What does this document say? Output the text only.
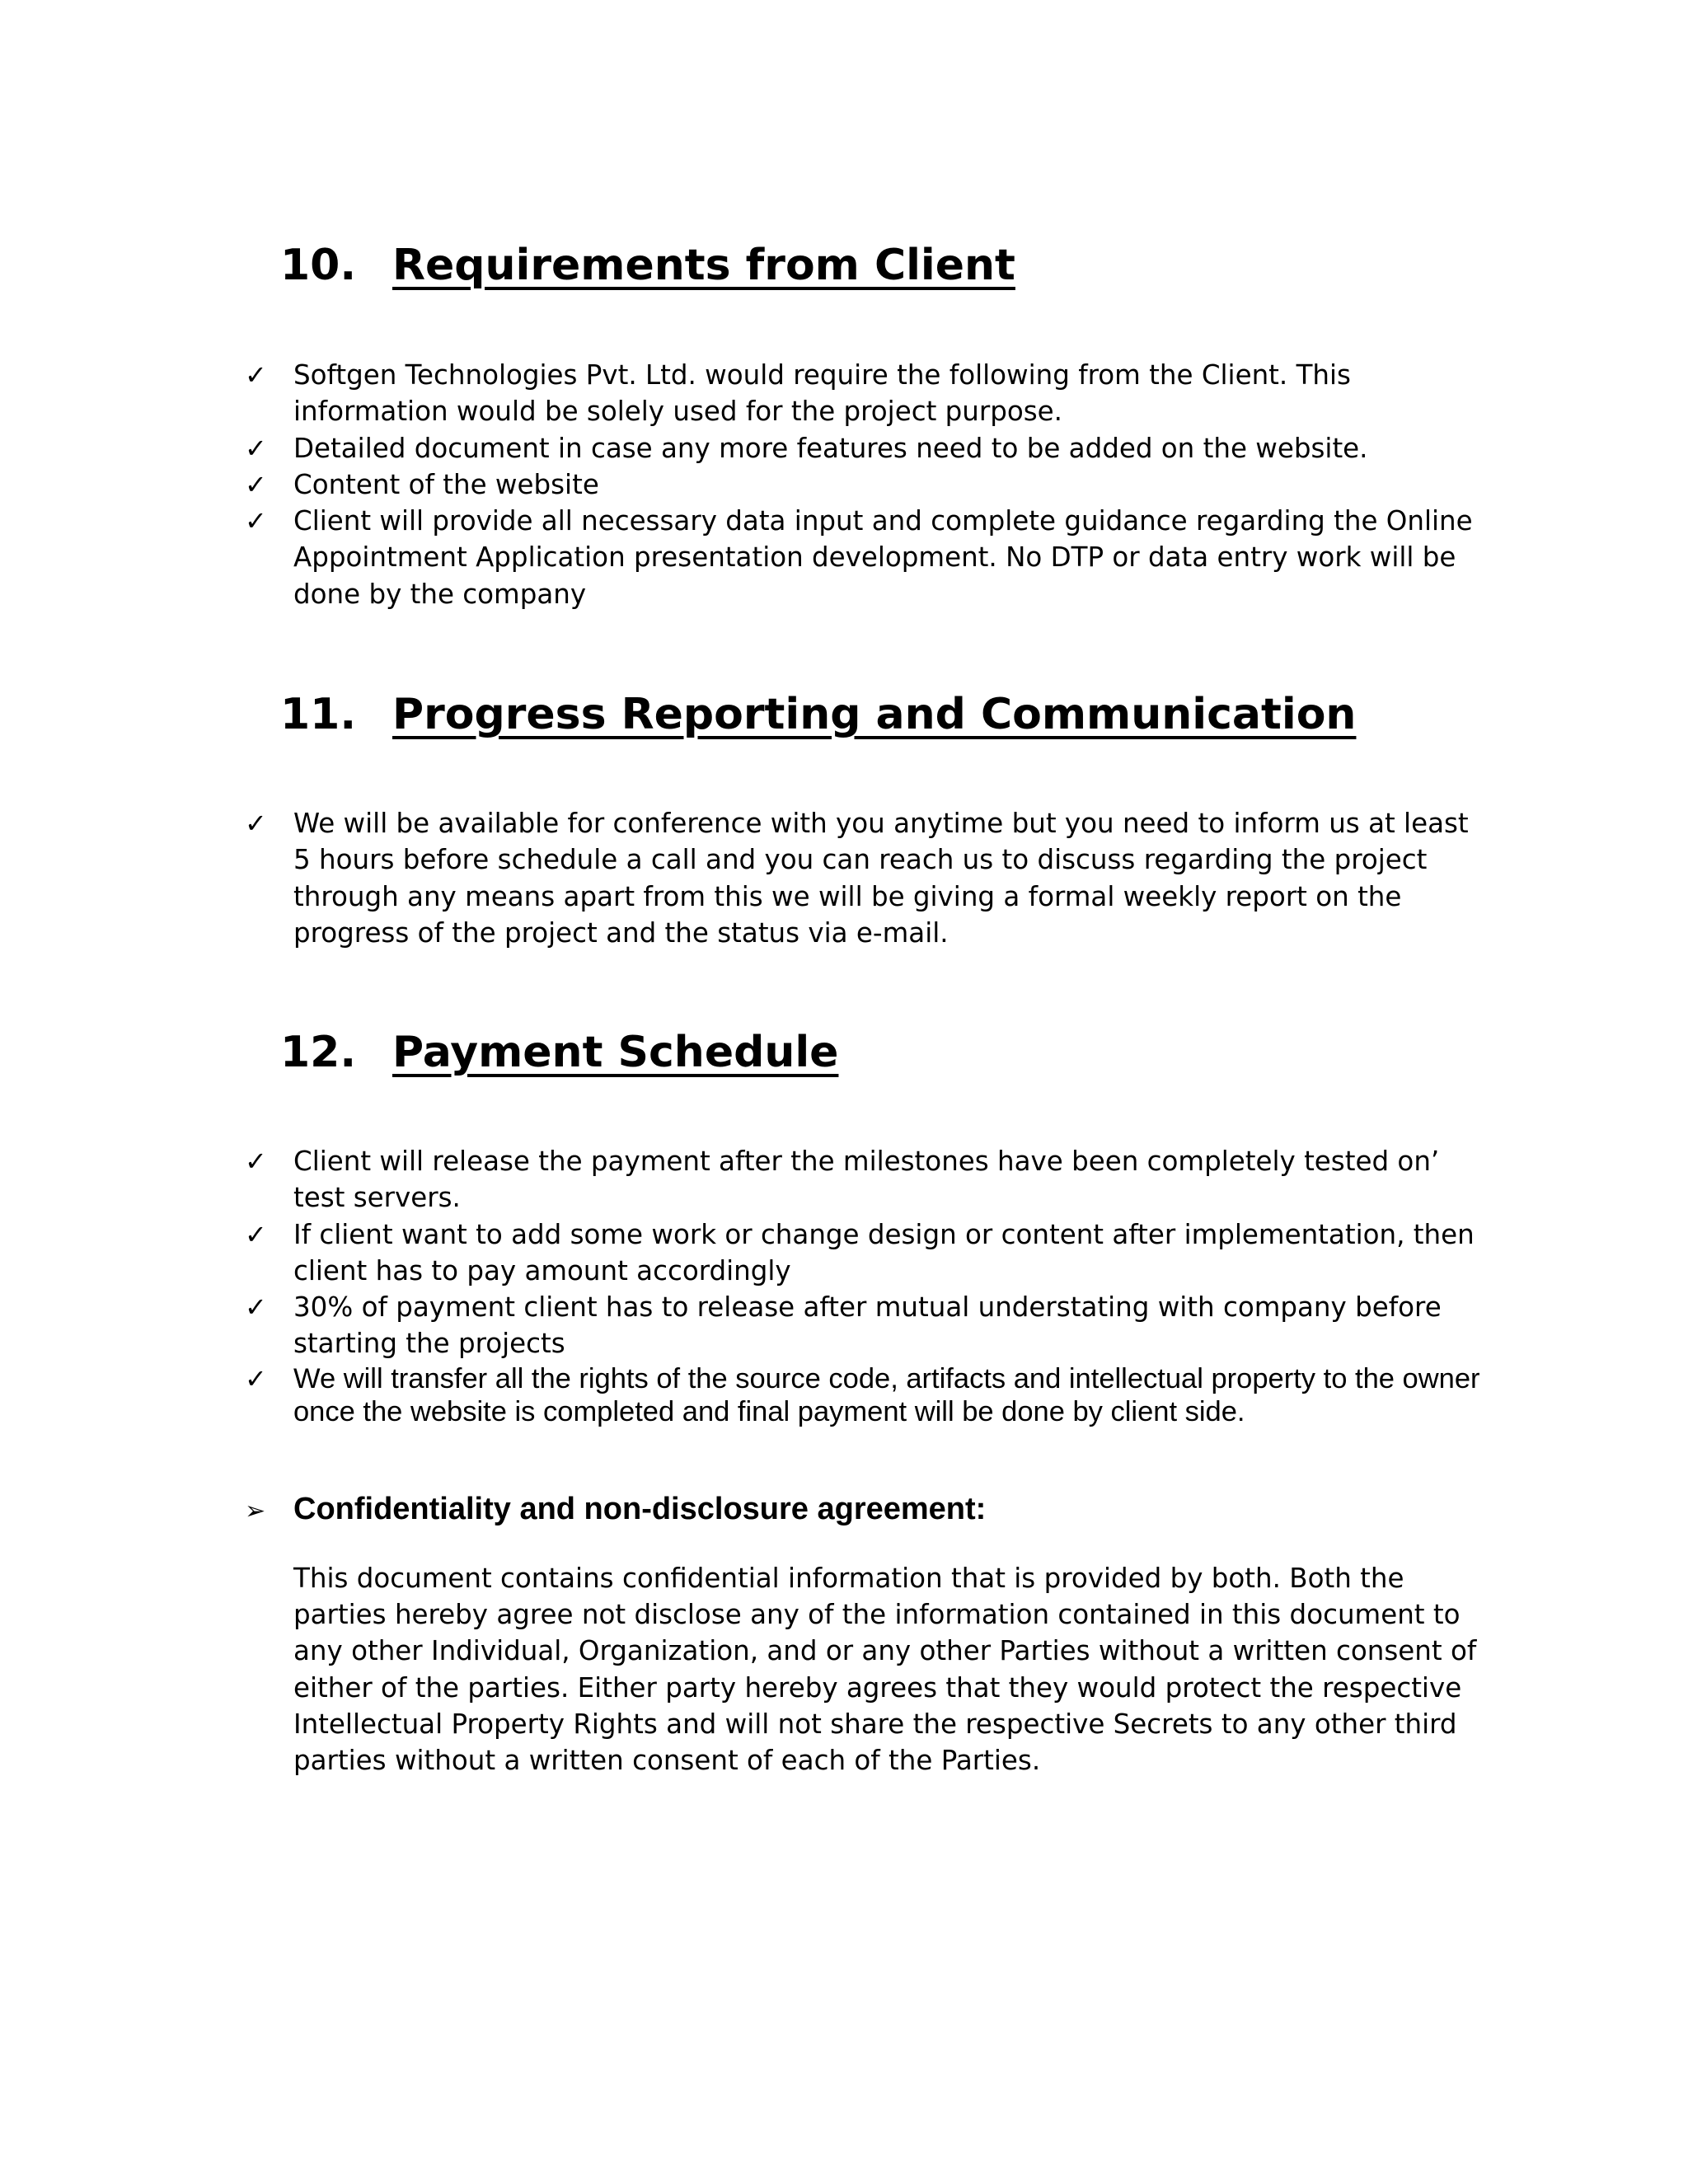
10. Requirements from Client
✓ Softgen Technologies Pvt. Ltd. would require the following from the Client. This information would be solely used for the project purpose.
✓ Detailed document in case any more features need to be added on the website.
✓ Content of the website
✓ Client will provide all necessary data input and complete guidance regarding the Online Appointment Application presentation development. No DTP or data entry work will be done by the company
11. Progress Reporting and Communication
✓ We will be available for conference with you anytime but you need to inform us at least 5 hours before schedule a call and you can reach us to discuss regarding the project through any means apart from this we will be giving a formal weekly report on the progress of the project and the status via e-mail.
12. Payment Schedule
✓ Client will release the payment after the milestones have been completely tested on’ test servers.
✓ If client want to add some work or change design or content after implementation, then client has to pay amount accordingly
✓ 30% of payment client has to release after mutual understating with company before starting the projects
✓ We will transfer all the rights of the source code, artifacts and intellectual property to the owner once the website is completed and final payment will be done by client side.
➢ Confidentiality and non-disclosure agreement:

This document contains confidential information that is provided by both. Both the parties hereby agree not disclose any of the information contained in this document to any other Individual, Organization, and or any other Parties without a written consent of either of the parties. Either party hereby agrees that they would protect the respective Intellectual Property Rights and will not share the respective Secrets to any other third parties without a written consent of each of the Parties.
